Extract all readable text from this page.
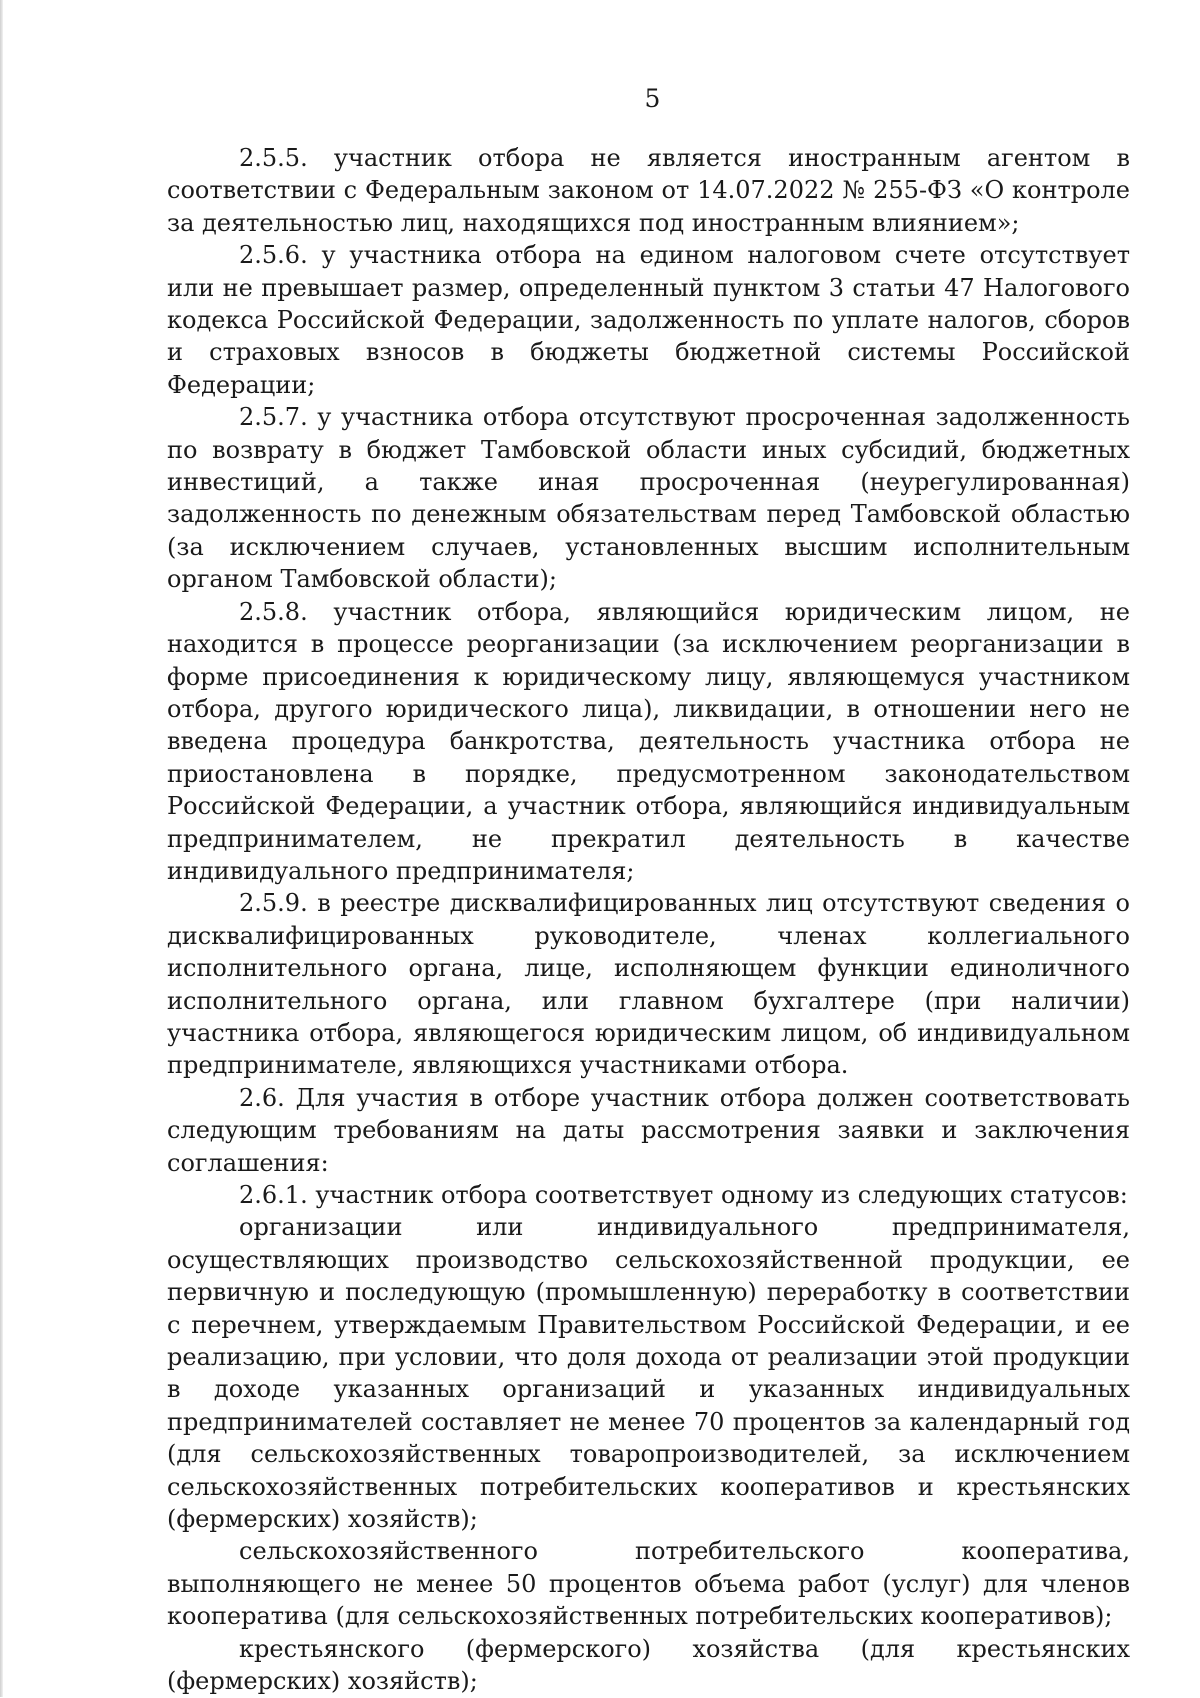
5

2.5.5. участник отбора не является иностранным агентом в соответствии с Федеральным законом от 14.07.2022 № 255-ФЗ «О контроле за деятельностью лиц, находящихся под иностранным влиянием»;

2.5.6. у участника отбора на едином налоговом счете отсутствует или не превышает размер, определенный пунктом 3 статьи 47 Налогового кодекса Российской Федерации, задолженность по уплате налогов, сборов и страховых взносов в бюджеты бюджетной системы Российской Федерации;

2.5.7. у участника отбора отсутствуют просроченная задолженность по возврату в бюджет Тамбовской области иных субсидий, бюджетных инвестиций, а также иная просроченная (неурегулированная) задолженность по денежным обязательствам перед Тамбовской областью (за исключением случаев, установленных высшим исполнительным органом Тамбовской области);

2.5.8. участник отбора, являющийся юридическим лицом, не находится в процессе реорганизации (за исключением реорганизации в форме присоединения к юридическому лицу, являющемуся участником отбора, другого юридического лица), ликвидации, в отношении него не введена процедура банкротства, деятельность участника отбора не приостановлена в порядке, предусмотренном законодательством Российской Федерации, а участник отбора, являющийся индивидуальным предпринимателем, не прекратил деятельность в качестве индивидуального предпринимателя;

2.5.9. в реестре дисквалифицированных лиц отсутствуют сведения о дисквалифицированных руководителе, членах коллегиального исполнительного органа, лице, исполняющем функции единоличного исполнительного органа, или главном бухгалтере (при наличии) участника отбора, являющегося юридическим лицом, об индивидуальном предпринимателе, являющихся участниками отбора.

2.6. Для участия в отборе участник отбора должен соответствовать следующим требованиям на даты рассмотрения заявки и заключения соглашения:

2.6.1. участник отбора соответствует одному из следующих статусов:

организации или индивидуального предпринимателя, осуществляющих производство сельскохозяйственной продукции, ее первичную и последующую (промышленную) переработку в соответствии с перечнем, утверждаемым Правительством Российской Федерации, и ее реализацию, при условии, что доля дохода от реализации этой продукции в доходе указанных организаций и указанных индивидуальных предпринимателей составляет не менее 70 процентов за календарный год (для сельскохозяйственных товаропроизводителей, за исключением сельскохозяйственных потребительских кооперативов и крестьянских (фермерских) хозяйств);

сельскохозяйственного потребительского кооператива, выполняющего не менее 50 процентов объема работ (услуг) для членов кооператива (для сельскохозяйственных потребительских кооперативов);

крестьянского (фермерского) хозяйства (для крестьянских (фермерских) хозяйств);
